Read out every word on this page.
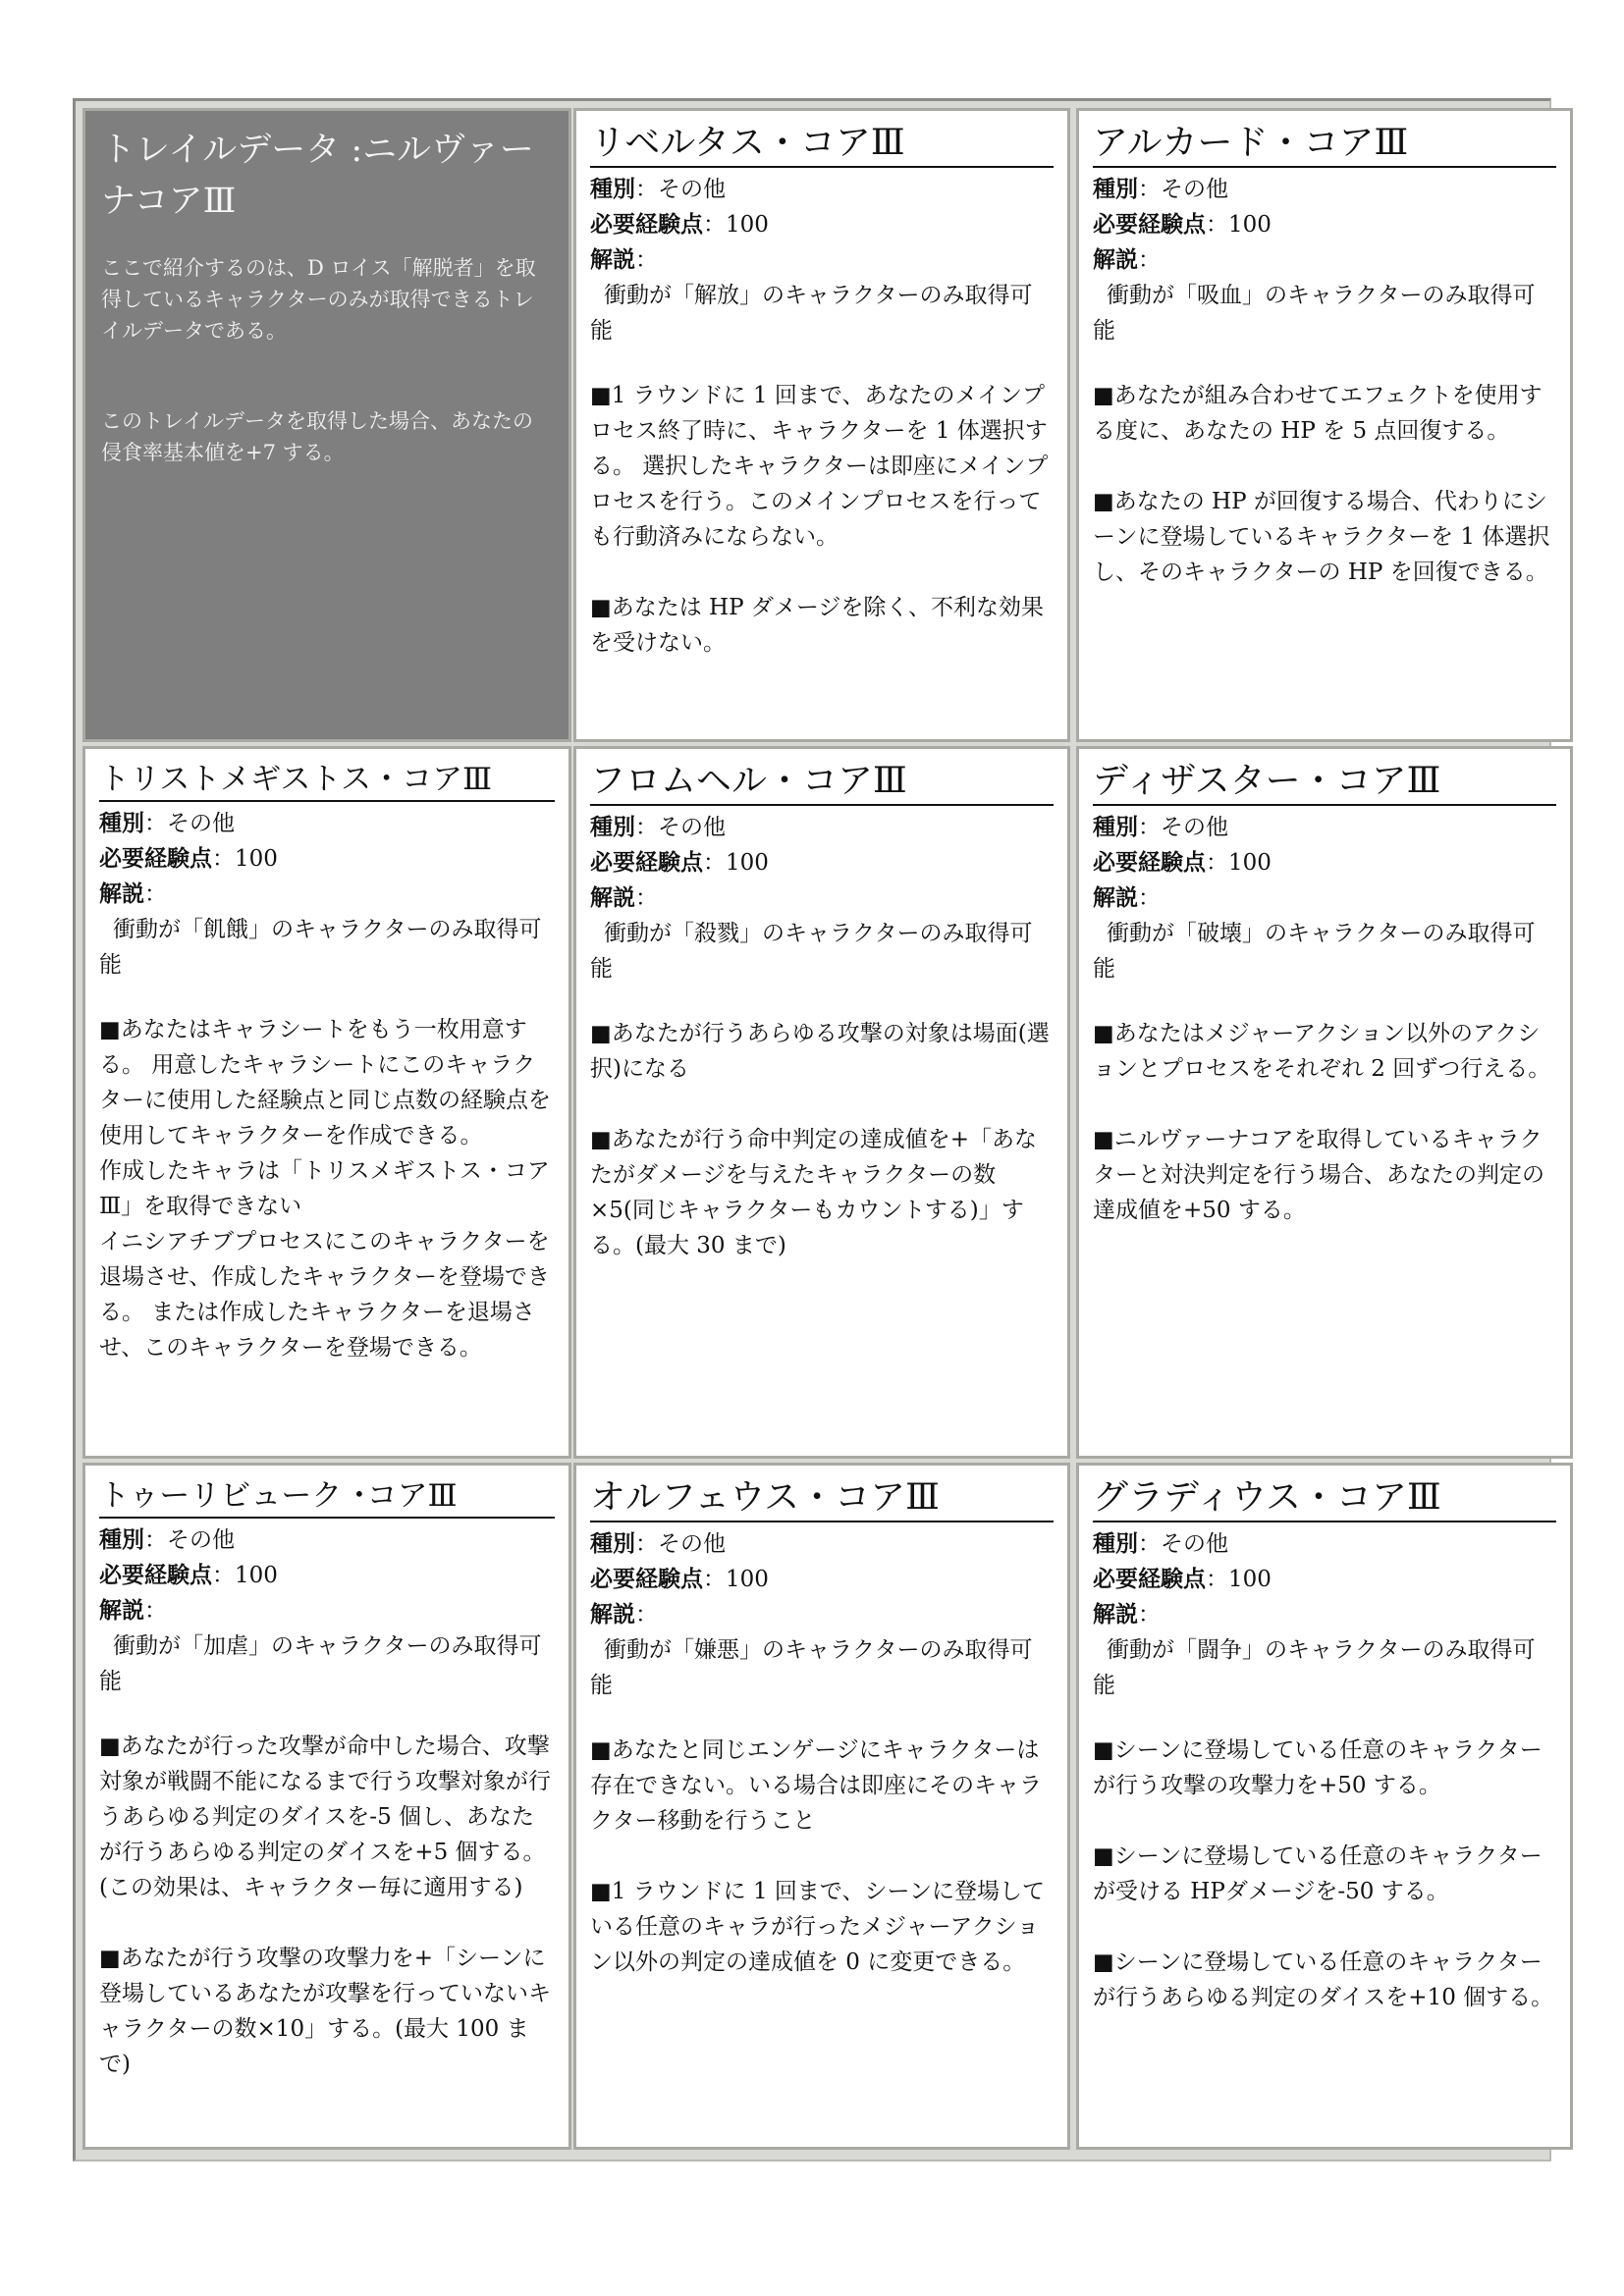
トレイルデータ :ニルヴァーナコアⅢ

ここで紹介するのは、D ロイス「解脱者」を取得しているキャラクターのみが取得できるトレイルデータである。

このトレイルデータを取得した場合、あなたの侵食率基本値を+7 する。

リベルタス・コアⅢ

種別：その他

必要経験点：100

解説：

衝動が「解放」のキャラクターのみ取得可能

■1 ラウンドに 1 回まで、あなたのメインプロセス終了時に、キャラクターを 1 体選択する。 選択したキャラクターは即座にメインプロセスを行う。このメインプロセスを行っても行動済みにならない。

■あなたは HP ダメージを除く、不利な効果を受けない。

アルカード・コアⅢ

種別：その他

必要経験点：100

解説：

衝動が「吸血」のキャラクターのみ取得可能

■あなたが組み合わせてエフェクトを使用する度に、あなたの HP を 5 点回復する。

■あなたの HP が回復する場合、代わりにシーンに登場しているキャラクターを 1 体選択し、そのキャラクターの HP を回復できる。

トリストメギストス・コアⅢ

種別：その他

必要経験点：100

解説：

衝動が「飢餓」のキャラクターのみ取得可能

■あなたはキャラシートをもう一枚用意する。 用意したキャラシートにこのキャラクターに使用した経験点と同じ点数の経験点を使用してキャラクターを作成できる。

作成したキャラは「トリスメギストス・コアⅢ」を取得できない

イニシアチブプロセスにこのキャラクターを退場させ、作成したキャラクターを登場できる。 または作成したキャラクターを退場させ、このキャラクターを登場できる。

フロムヘル・コアⅢ

種別：その他

必要経験点：100

解説：

衝動が「殺戮」のキャラクターのみ取得可能

■あなたが行うあらゆる攻撃の対象は場面(選択)になる

■あなたが行う命中判定の達成値を+「あなたがダメージを与えたキャラクターの数×5(同じキャラクターもカウントする)」する。(最大 30 まで)

ディザスター・コアⅢ

種別：その他

必要経験点：100

解説：

衝動が「破壊」のキャラクターのみ取得可能

■あなたはメジャーアクション以外のアクションとプロセスをそれぞれ 2 回ずつ行える。

■ニルヴァーナコアを取得しているキャラクターと対決判定を行う場合、あなたの判定の達成値を+50 する。

トゥーリビューク ･コアⅢ

種別：その他

必要経験点：100

解説：

衝動が「加虐」のキャラクターのみ取得可能

■あなたが行った攻撃が命中した場合、攻撃対象が戦闘不能になるまで行う攻撃対象が行うあらゆる判定のダイスを-5 個し、あなたが行うあらゆる判定のダイスを+5 個する。(この効果は、キャラクター毎に適用する)

■あなたが行う攻撃の攻撃力を+「シーンに登場しているあなたが攻撃を行っていないキャラクターの数×10」する。(最大 100 まで)

オルフェウス・コアⅢ

種別：その他

必要経験点：100

解説：

衝動が「嫌悪」のキャラクターのみ取得可能

■あなたと同じエンゲージにキャラクターは存在できない。いる場合は即座にそのキャラクター移動を行うこと

■1 ラウンドに 1 回まで、シーンに登場している任意のキャラが行ったメジャーアクション以外の判定の達成値を 0 に変更できる。

グラディウス・コアⅢ

種別：その他

必要経験点：100

解説：

衝動が「闘争」のキャラクターのみ取得可能

■シーンに登場している任意のキャラクターが行う攻撃の攻撃力を+50 する。

■シーンに登場している任意のキャラクターが受ける HPダメージを-50 する。

■シーンに登場している任意のキャラクターが行うあらゆる判定のダイスを+10 個する。
